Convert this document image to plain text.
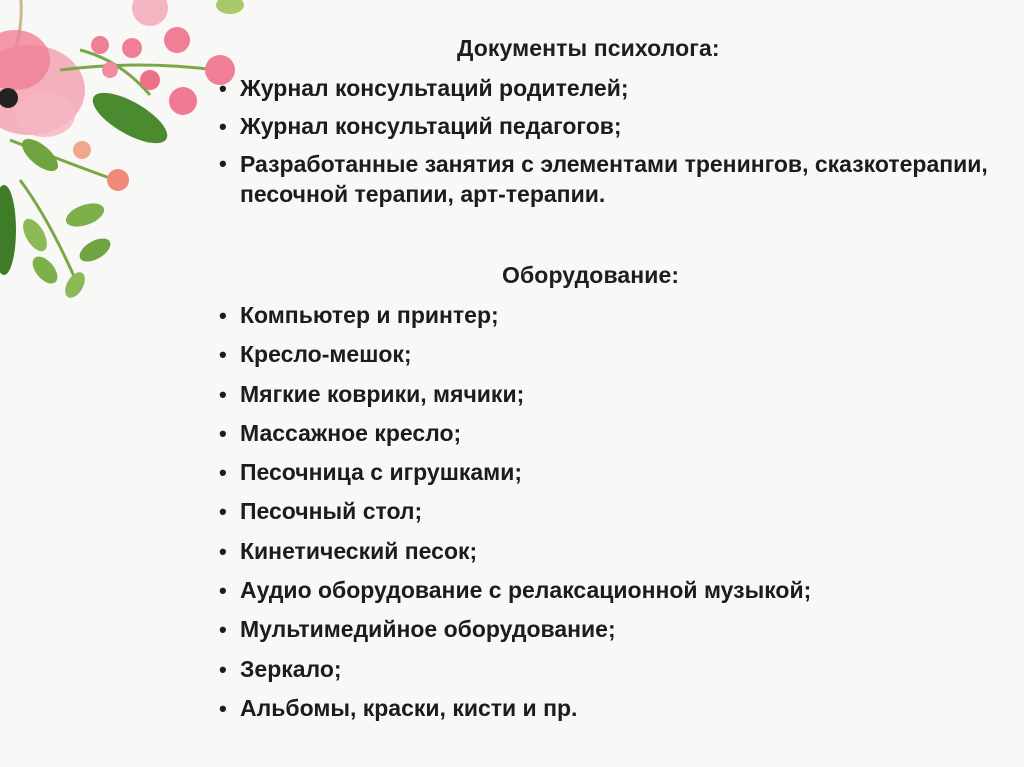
Документы психолога:
• Журнал консультаций родителей;
• Журнал консультаций педагогов;
• Разработанные занятия с элементами тренингов, сказкотерапии, песочной терапии, арт-терапии.
Оборудование:
• Компьютер и принтер;
• Кресло-мешок;
• Мягкие коврики, мячики;
• Массажное кресло;
• Песочница с игрушками;
• Песочный стол;
• Кинетический песок;
• Аудио оборудование с релаксационной музыкой;
• Мультимедийное оборудование;
• Зеркало;
• Альбомы, краски, кисти и пр.
